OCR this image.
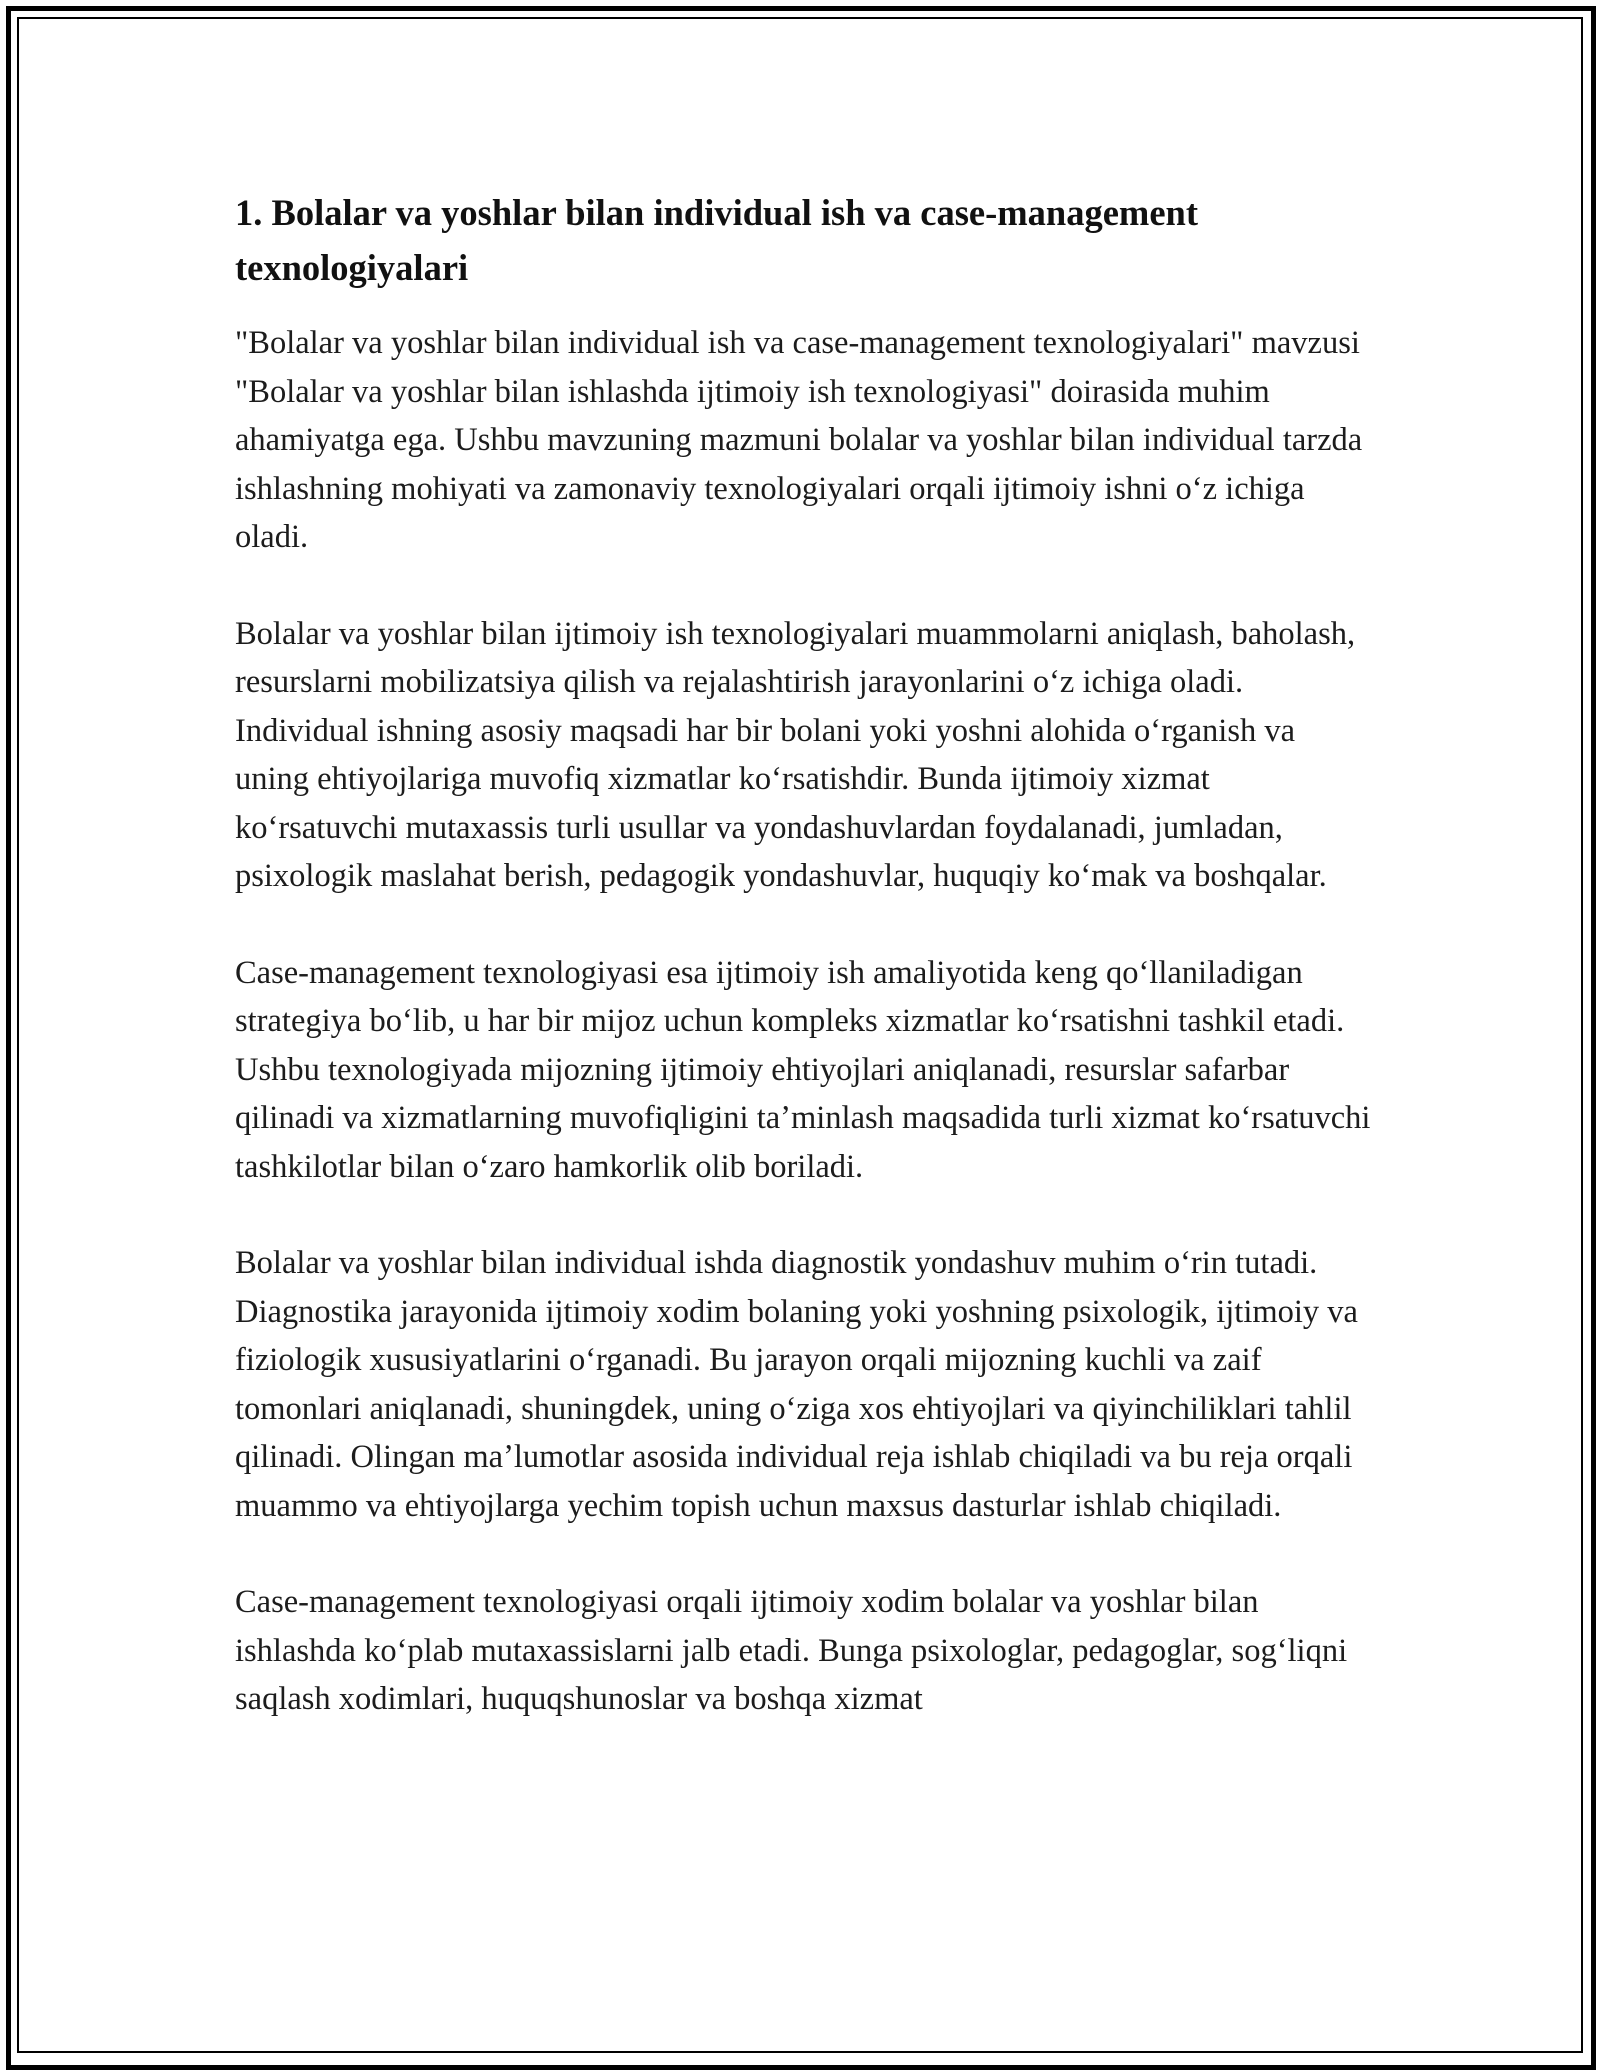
1. Bolalar va yoshlar bilan individual ish va case-management texnologiyalari

"Bolalar va yoshlar bilan individual ish va case-management texnologiyalari" mavzusi "Bolalar va yoshlar bilan ishlashda ijtimoiy ish texnologiyasi" doirasida muhim ahamiyatga ega. Ushbu mavzuning mazmuni bolalar va yoshlar bilan individual tarzda ishlashning mohiyati va zamonaviy texnologiyalari orqali ijtimoiy ishni oʻz ichiga oladi.

Bolalar va yoshlar bilan ijtimoiy ish texnologiyalari muammolarni aniqlash, baholash, resurslarni mobilizatsiya qilish va rejalashtirish jarayonlarini oʻz ichiga oladi. Individual ishning asosiy maqsadi har bir bolani yoki yoshni alohida oʻrganish va uning ehtiyojlariga muvofiq xizmatlar koʻrsatishdir. Bunda ijtimoiy xizmat koʻrsatuvchi mutaxassis turli usullar va yondashuvlardan foydalanadi, jumladan, psixologik maslahat berish, pedagogik yondashuvlar, huquqiy koʻmak va boshqalar.

Case-management texnologiyasi esa ijtimoiy ish amaliyotida keng qoʻllaniladigan strategiya boʻlib, u har bir mijoz uchun kompleks xizmatlar koʻrsatishni tashkil etadi. Ushbu texnologiyada mijozning ijtimoiy ehtiyojlari aniqlanadi, resurslar safarbar qilinadi va xizmatlarning muvofiqligini taʼminlash maqsadida turli xizmat koʻrsatuvchi tashkilotlar bilan oʻzaro hamkorlik olib boriladi.

Bolalar va yoshlar bilan individual ishda diagnostik yondashuv muhim oʻrin tutadi. Diagnostika jarayonida ijtimoiy xodim bolaning yoki yoshning psixologik, ijtimoiy va fiziologik xususiyatlarini oʻrganadi. Bu jarayon orqali mijozning kuchli va zaif tomonlari aniqlanadi, shuningdek, uning oʻziga xos ehtiyojlari va qiyinchiliklari tahlil qilinadi. Olingan maʼlumotlar asosida individual reja ishlab chiqiladi va bu reja orqali muammo va ehtiyojlarga yechim topish uchun maxsus dasturlar ishlab chiqiladi.

Case-management texnologiyasi orqali ijtimoiy xodim bolalar va yoshlar bilan ishlashda koʻplab mutaxassislarni jalb etadi. Bunga psixologlar, pedagoglar, sogʻliqni saqlash xodimlari, huquqshunoslar va boshqa xizmat
